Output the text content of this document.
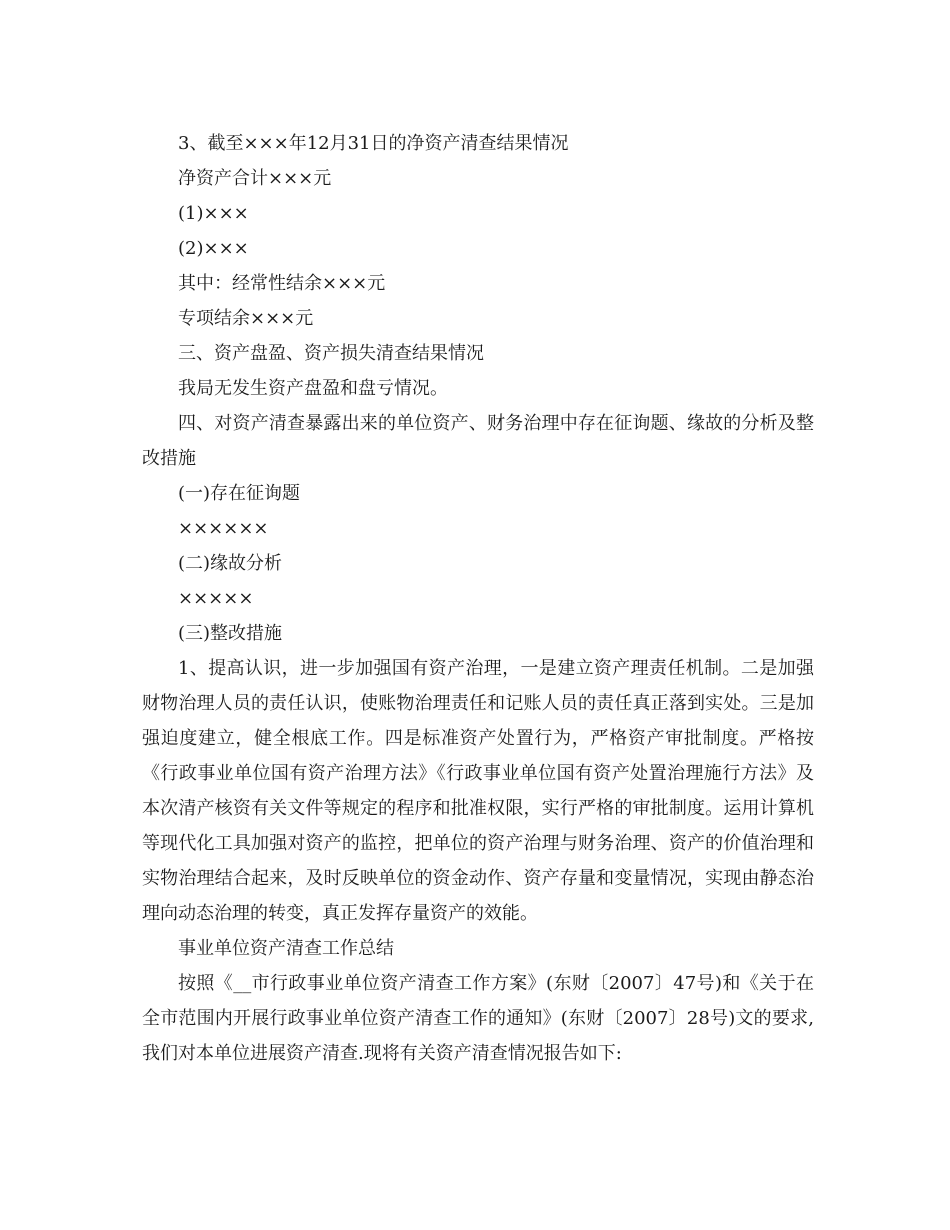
3、截至×××年12月31日的净资产清查结果情况

净资产合计×××元

(1)×××

(2)×××

其中：经常性结余×××元

专项结余×××元

三、资产盘盈、资产损失清查结果情况

我局无发生资产盘盈和盘亏情况。

四、对资产清查暴露出来的单位资产、财务治理中存在征询题、缘故的分析及整改措施

(一)存在征询题

××××××

(二)缘故分析

×××××

(三)整改措施

1、提高认识，进一步加强国有资产治理，一是建立资产理责任机制。二是加强财物治理人员的责任认识，使账物治理责任和记账人员的责任真正落到实处。三是加强迫度建立，健全根底工作。四是标准资产处置行为，严格资产审批制度。严格按《行政事业单位国有资产治理方法》《行政事业单位国有资产处置治理施行方法》及本次清产核资有关文件等规定的程序和批准权限，实行严格的审批制度。运用计算机等现代化工具加强对资产的监控，把单位的资产治理与财务治理、资产的价值治理和实物治理结合起来，及时反映单位的资金动作、资产存量和变量情况，实现由静态治理向动态治理的转变，真正发挥存量资产的效能。

事业单位资产清查工作总结

按照《__市行政事业单位资产清查工作方案》(东财〔2007〕47号)和《关于在全市范围内开展行政事业单位资产清查工作的通知》(东财〔2007〕28号)文的要求,我们对本单位进展资产清查.现将有关资产清查情况报告如下:
